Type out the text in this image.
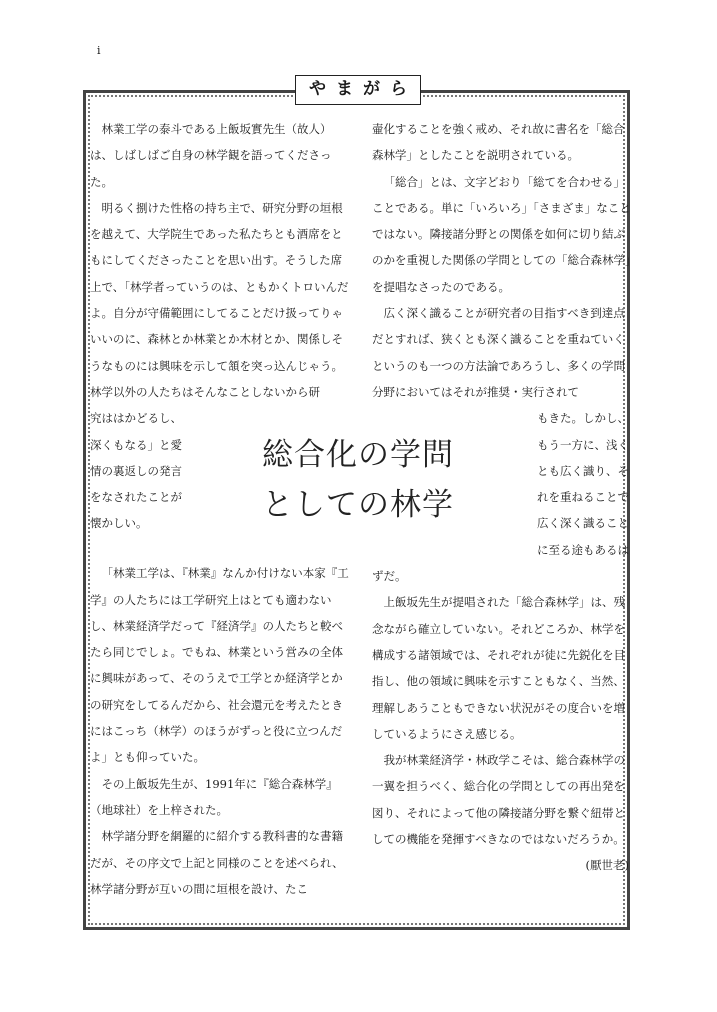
i
やまがら

林業工学の泰斗である上飯坂實先生（故人）は、しばしばご自身の林学観を語ってくださった。

明るく捌けた性格の持ち主で、研究分野の垣根を越えて、大学院生であった私たちとも酒席をともにしてくださったことを思い出す。そうした席上で、「林学者っていうのは、ともかくトロいんだよ。自分が守備範囲にしてることだけ扱ってりゃいいのに、森林とか林業とか木材とか、関係しそうなものには興味を示して頷を突っ込んじゃう。林学以外の人たちはそんなことしないから研

究ははかどるし、深くもなる」と愛情の裏返しの発言をなされたことが懐かしい。

「林業工学は、『林業』なんか付けない本家『工学』の人たちには工学研究上はとても適わないし、林業経済学だって『経済学』の人たちと較べたら同じでしょ。でもね、林業という営みの全体に興味があって、そのうえで工学とか経済学とかの研究をしてるんだから、社会還元を考えたときにはこっち（林学）のほうがずっと役に立つんだよ」とも仰っていた。

その上飯坂先生が、1991年に『総合森林学』（地球社）を上梓された。

林学諸分野を網羅的に紹介する教科書的な書籍だが、その序文で上記と同様のことを述べられ、林学諸分野が互いの間に垣根を設け、たこ

総合化の学問
としての林学

壷化することを強く戒め、それ故に書名を「総合森林学」としたことを説明されている。

「総合」とは、文字どおり「総てを合わせる」ことである。単に「いろいろ」「さまざま」なことではない。隣接諸分野との関係を如何に切り結ぶのかを重視した関係の学問としての「総合森林学」を提唱なさったのである。

広く深く識ることが研究者の目指すべき到達点だとすれば、狭くとも深く識ることを重ねていくというのも一つの方法論であろうし、多くの学問分野においてはそれが推奨・実行されて

もきた。しかし、もう一方に、浅くとも広く識り、それを重ねることで広く深く識ることに至る途もあるはずだ。

上飯坂先生が提唱された「総合森林学」は、残念ながら確立していない。それどころか、林学を構成する諸領域では、それぞれが徒に先鋭化を目指し、他の領域に興味を示すこともなく、当然、理解しあうこともできない状況がその度合いを増しているようにさえ感じる。

我が林業経済学・林政学こそは、総合森林学の一翼を担うべく、総合化の学問としての再出発を図り、それによって他の隣接諸分野を繋ぐ紐帯としての機能を発揮すべきなのではないだろうか。

(厭世老)
